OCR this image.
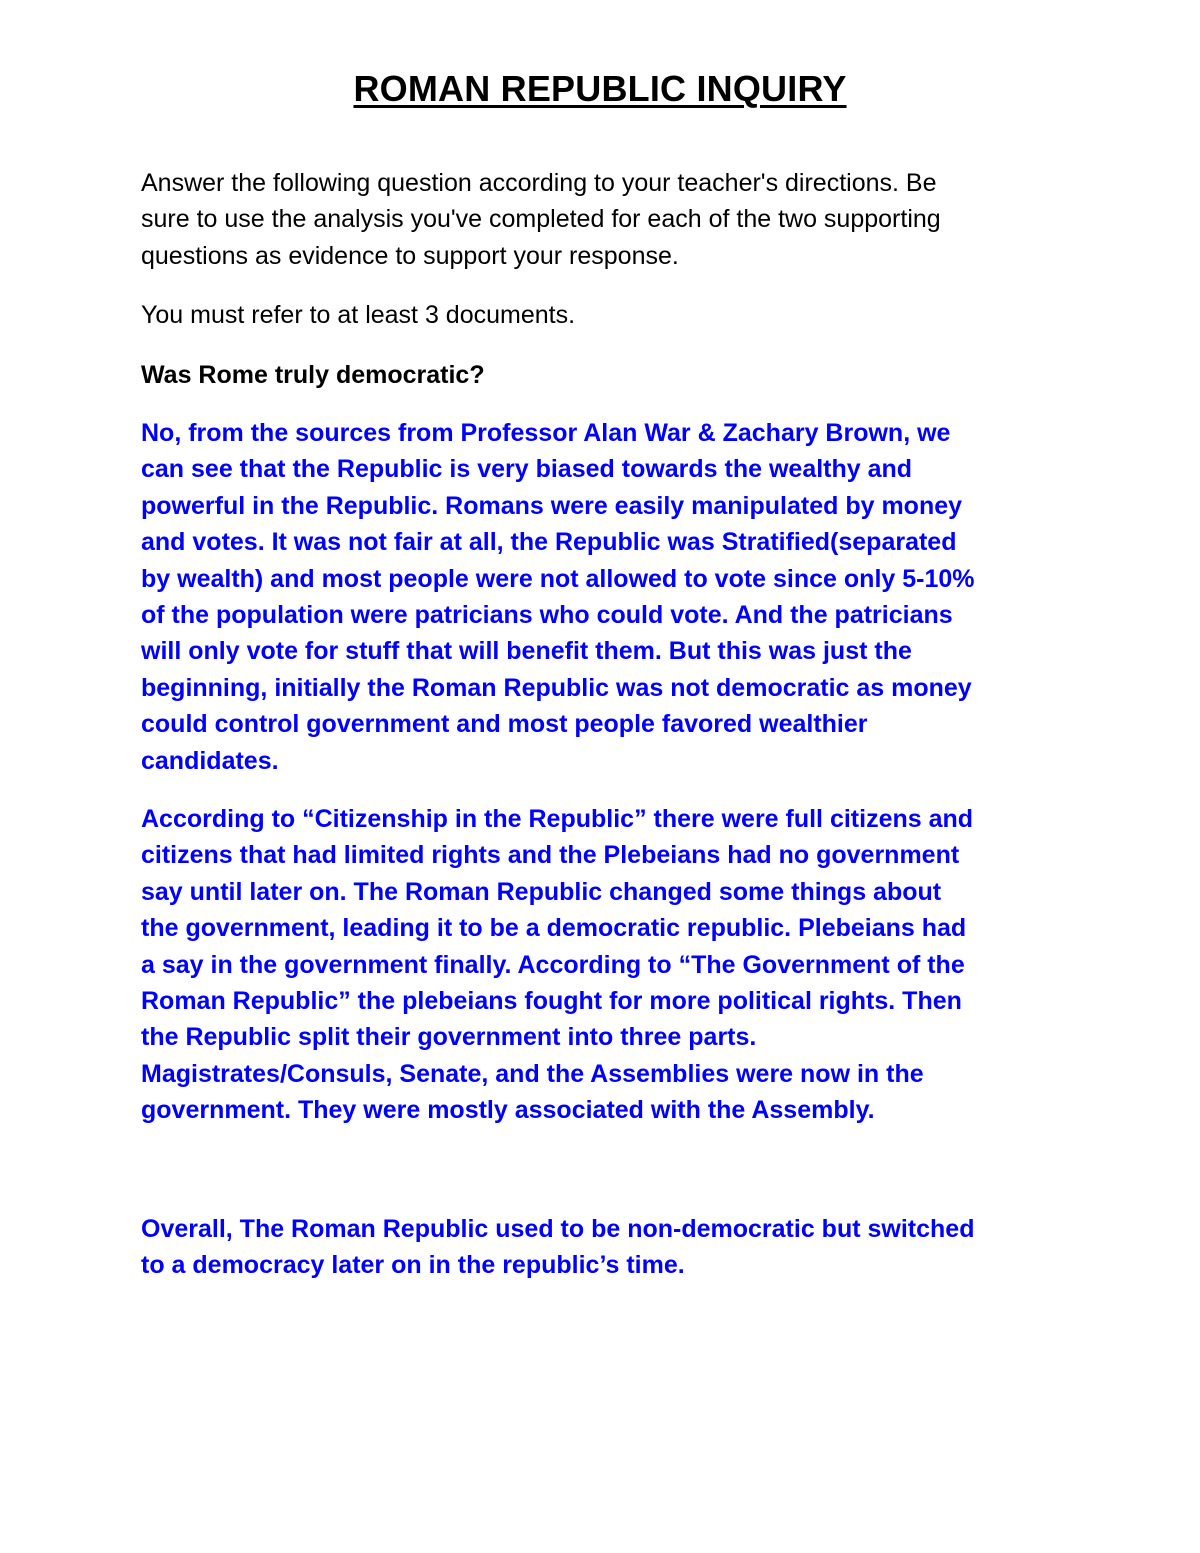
ROMAN REPUBLIC INQUIRY

Answer the following question according to your teacher's directions. Be
sure to use the analysis you've completed for each of the two supporting
questions as evidence to support your response.

You must refer to at least 3 documents.

Was Rome truly democratic?

No, from the sources from Professor Alan War & Zachary Brown, we
can see that the Republic is very biased towards the wealthy and
powerful in the Republic. Romans were easily manipulated by money
and votes. It was not fair at all, the Republic was Stratified(separated
by wealth) and most people were not allowed to vote since only 5-10%
of the population were patricians who could vote. And the patricians
will only vote for stuff that will benefit them. But this was just the
beginning, initially the Roman Republic was not democratic as money
could control government and most people favored wealthier
candidates.

According to “Citizenship in the Republic” there were full citizens and
citizens that had limited rights and the Plebeians had no government
say until later on. The Roman Republic changed some things about
the government, leading it to be a democratic republic. Plebeians had
a say in the government finally. According to “The Government of the
Roman Republic” the plebeians fought for more political rights. Then
the Republic split their government into three parts.
Magistrates/Consuls, Senate, and the Assemblies were now in the
government. They were mostly associated with the Assembly.

Overall, The Roman Republic used to be non-democratic but switched
to a democracy later on in the republic’s time.
